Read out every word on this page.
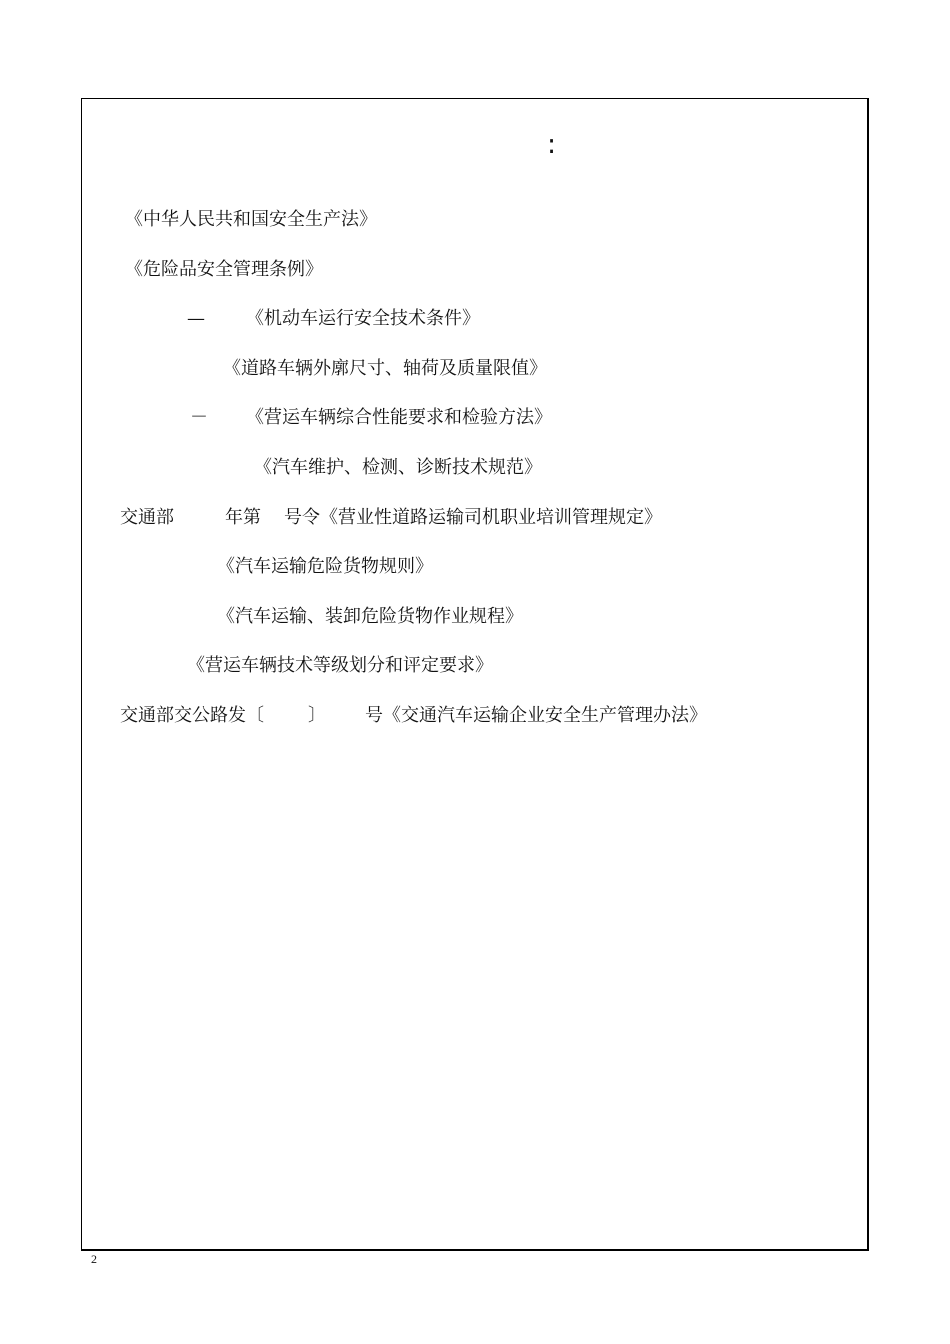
:
《中华人民共和国安全生产法》
《危险品安全管理条例》
— 《机动车运行安全技术条件》
《道路车辆外廓尺寸、轴荷及质量限值》
－ 《营运车辆综合性能要求和检验方法》
《汽车维护、检测、诊断技术规范》
交通部	年第 号令《营业性道路运输司机职业培训管理规定》
《汽车运输危险货物规则》
《汽车运输、装卸危险货物作业规程》
《营运车辆技术等级划分和评定要求》
交通部交公路发〔 〕 号《交通汽车运输企业安全生产管理办法》
2
